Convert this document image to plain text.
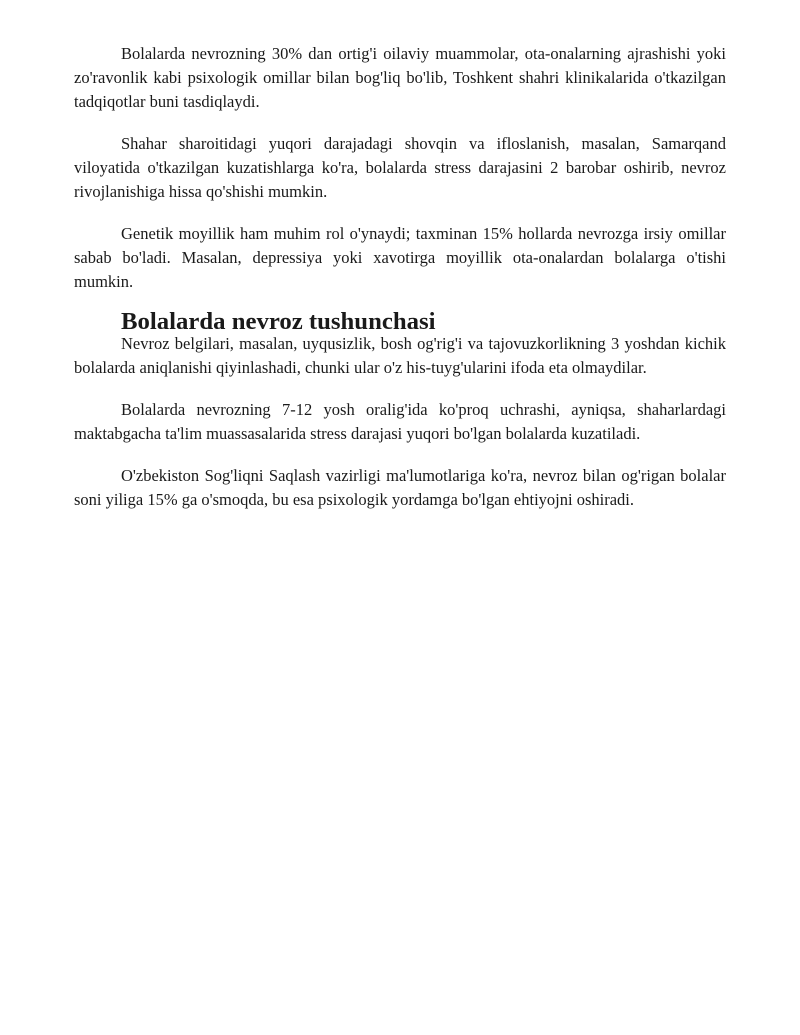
Bolalarda nevrozning 30% dan ortig'i oilaviy muammolar, ota-onalarning ajrashishi yoki zo'ravonlik kabi psixologik omillar bilan bog'liq bo'lib, Toshkent shahri klinikalarida o'tkazilgan tadqiqotlar buni tasdiqlaydi.

Shahar sharoitidagi yuqori darajadagi shovqin va ifloslanish, masalan, Samarqand viloyatida o'tkazilgan kuzatishlarga ko'ra, bolalarda stress darajasini 2 barobar oshirib, nevroz rivojlanishiga hissa qo'shishi mumkin.

Genetik moyillik ham muhim rol o'ynaydi; taxminan 15% hollarda nevrozga irsiy omillar sabab bo'ladi. Masalan, depressiya yoki xavotirga moyillik ota-onalardan bolalarga o'tishi mumkin.

Bolalarda nevroz tushunchasi

Nevroz belgilari, masalan, uyqusizlik, bosh og'rig'i va tajovuzkorlikning 3 yoshdan kichik bolalarda aniqlanishi qiyinlashadi, chunki ular o'z his-tuyg'ularini ifoda eta olmaydilar.

Bolalarda nevrozning 7-12 yosh oralig'ida ko'proq uchrashi, ayniqsa, shaharlardagi maktabgacha ta'lim muassasalarida stress darajasi yuqori bo'lgan bolalarda kuzatiladi.

O'zbekiston Sog'liqni Saqlash vazirligi ma'lumotlariga ko'ra, nevroz bilan og'rigan bolalar soni yiliga 15% ga o'smoqda, bu esa psixologik yordamga bo'lgan ehtiyojni oshiradi.
